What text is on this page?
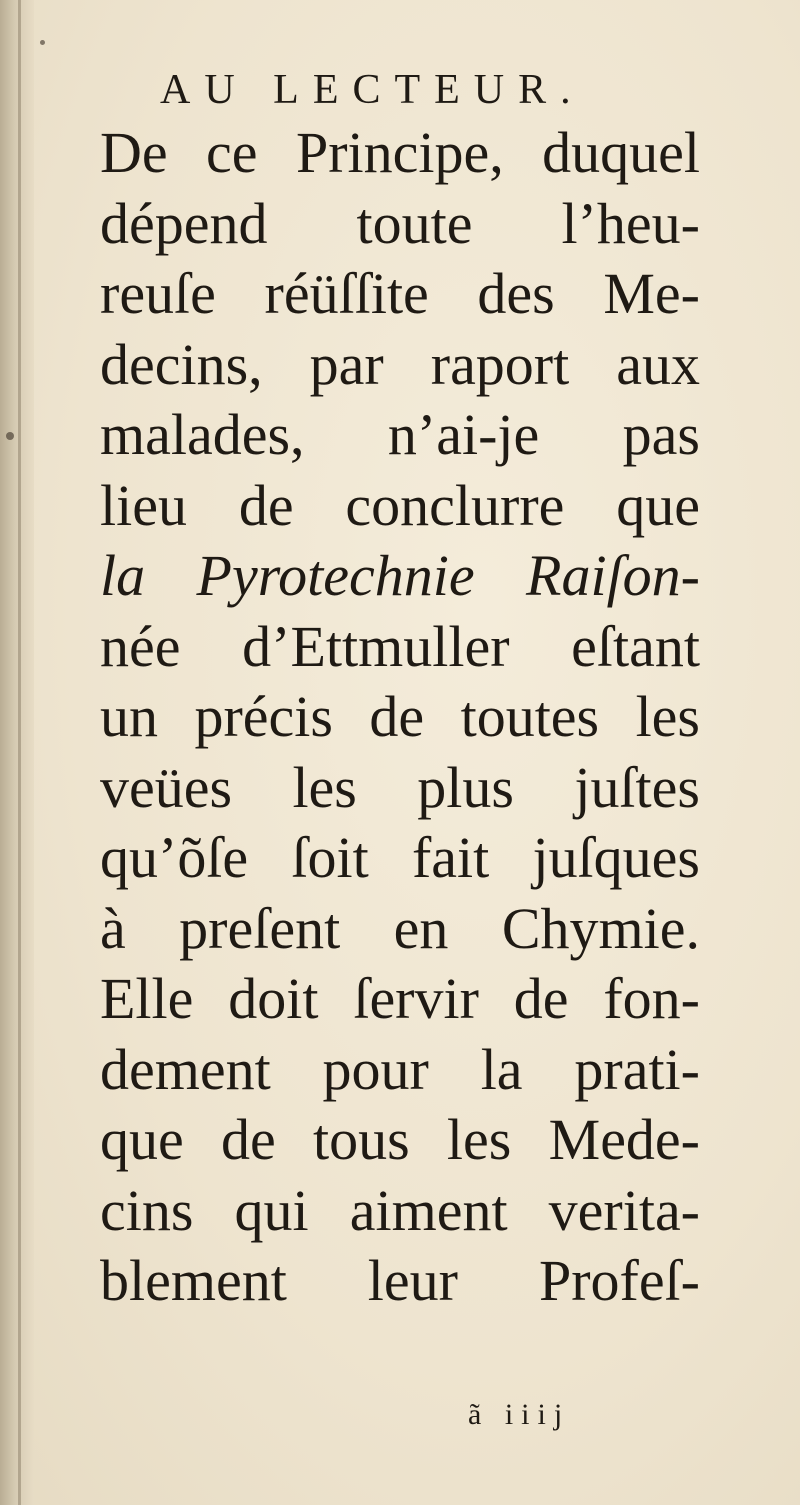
AU LECTEUR.
De ce Principe, duquel
dépend toute l’heu-
reuſe réüſſite des Me-
decins, par raport aux
malades, n’ai-je pas
lieu de conclurre que
la Pyrotechnie Raiſon-
née d’Ettmuller eſtant
un précis de toutes les
veües les plus juſtes
qu’õſe ſoit fait juſques
à preſent en Chymie.
Elle doit ſervir de fon-
dement pour la prati-
que de tous les Mede-
cins qui aiment verita-
blement leur Profeſ-
ã iiij
